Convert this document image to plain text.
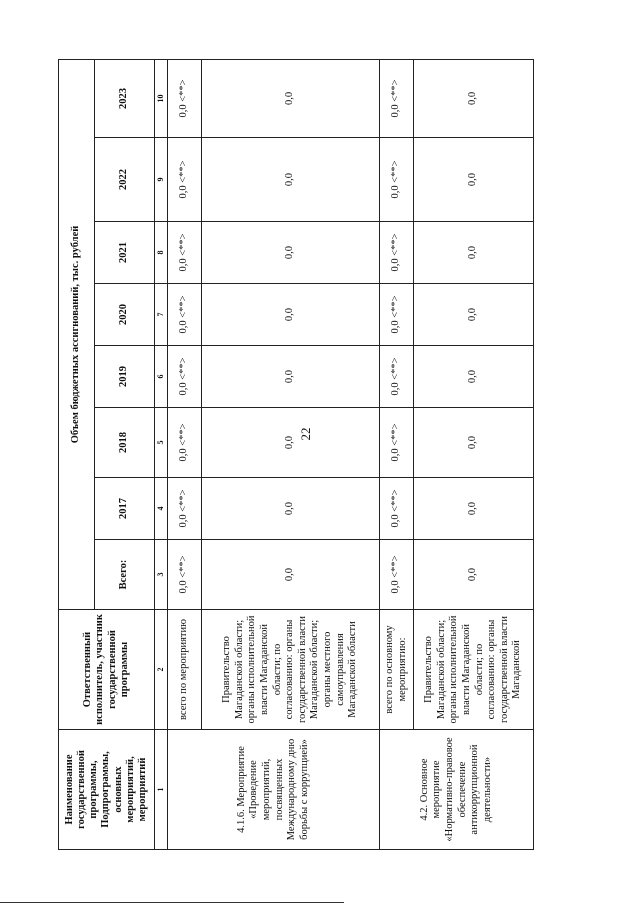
22
Наименование государственной программы, Подпрограммы, основных мероприятий, мероприятий	Ответственный исполнитель, участник государственной программы	Объем бюджетных ассигнований, тыс. рублей							
		Всего:	2017	2018	2019	2020	2021	2022	2023
1	2	3	4	5	6	7	8	9	10
4.1.6. Мероприятие «Проведение мероприятий, посвященных Международному дню борьбы с коррупцией»	всего по мероприятию	0,0 <**>	0,0 <**>	0,0 <**>	0,0 <**>	0,0 <**>	0,0 <**>	0,0 <**>	0,0 <**>
	Правительство Магаданской области; органы исполнительной власти Магаданской области; по согласованию: органы государственной власти Магаданской области; органы местного самоуправления Магаданской области	0,0	0,0	0,0	0,0	0,0	0,0	0,0	0,0
4.2. Основное мероприятие «Нормативно-правовое обеспечение антикоррупционной деятельности»	всего по основному мероприятию:	0,0 <**>	0,0 <**>	0,0 <**>	0,0 <**>	0,0 <**>	0,0 <**>	0,0 <**>	0,0 <**>
	Правительство Магаданской области; органы исполнительной власти Магаданской области; по согласованию: органы государственной власти Магаданской	0,0	0,0	0,0	0,0	0,0	0,0	0,0	0,0
